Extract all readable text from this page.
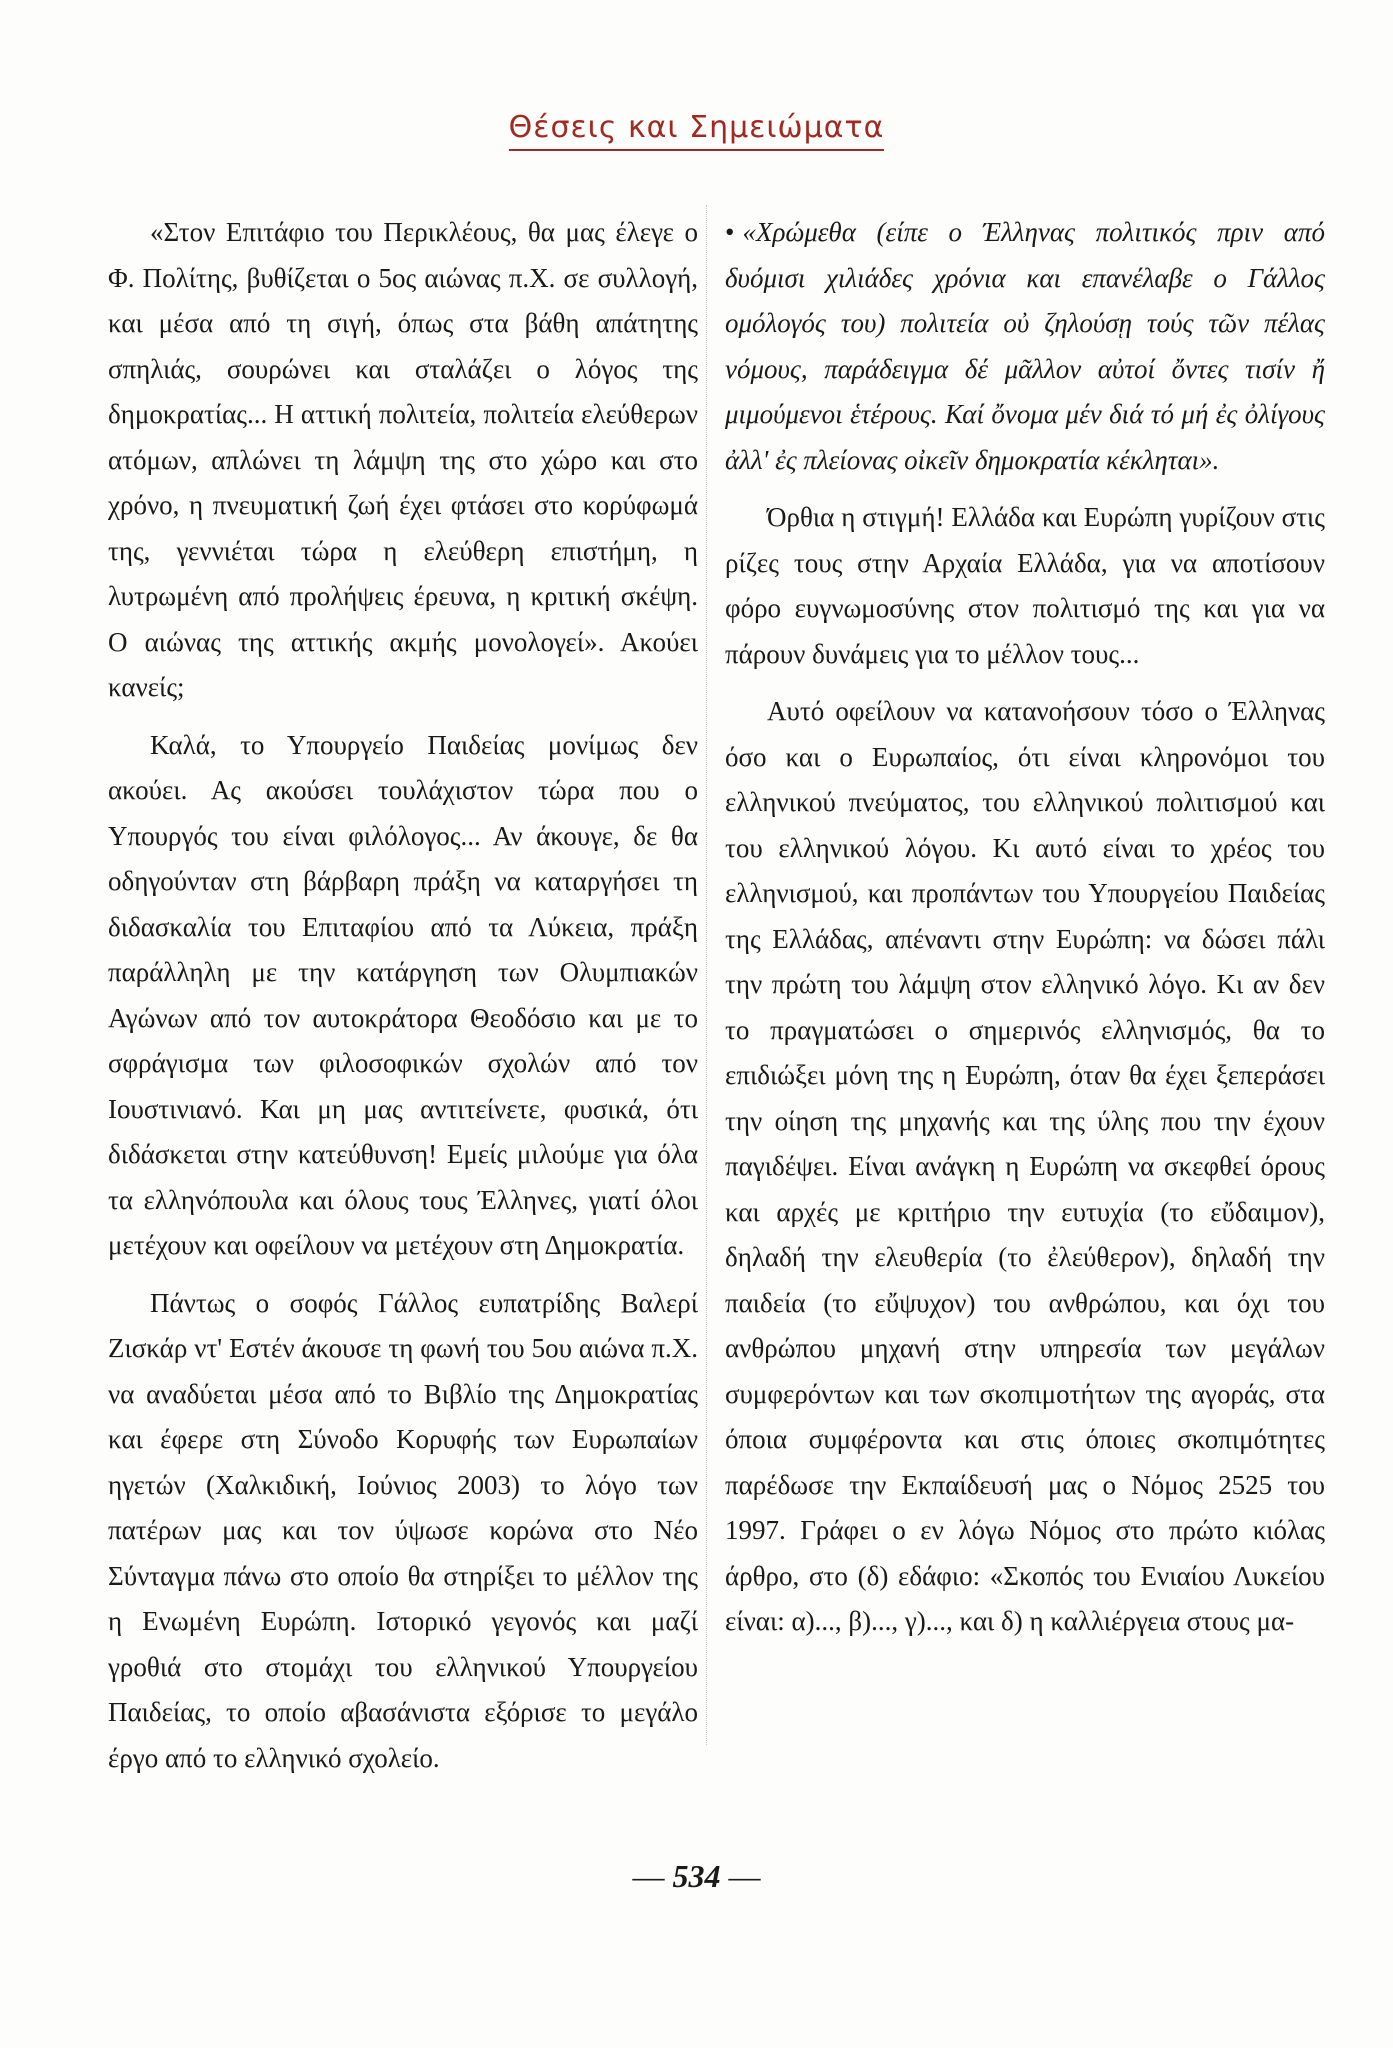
Θέσεις και Σημειώματα

«Στον Επιτάφιο του Περικλέους, θα μας έλεγε ο Φ. Πολίτης, βυθίζεται ο 5ος αιώνας π.Χ. σε συλλογή, και μέσα από τη σιγή, όπως στα βάθη απάτητης σπηλιάς, σουρώνει και σταλάζει ο λόγος της δημοκρατίας... Η αττική πολιτεία, πολιτεία ελεύθερων ατόμων, απλώνει τη λάμψη της στο χώρο και στο χρόνο, η πνευματική ζωή έχει φτάσει στο κορύφωμά της, γεννιέται τώρα η ελεύθερη επιστήμη, η λυτρωμένη από προλήψεις έρευνα, η κριτική σκέψη. Ο αιώνας της αττικής ακμής μονολογεί». Ακούει κανείς;

Καλά, το Υπουργείο Παιδείας μονίμως δεν ακούει. Ας ακούσει τουλάχιστον τώρα που ο Υπουργός του είναι φιλόλογος... Αν άκουγε, δε θα οδηγούνταν στη βάρβαρη πράξη να καταργήσει τη διδασκαλία του Επιταφίου από τα Λύκεια, πράξη παράλληλη με την κατάργηση των Ολυμπιακών Αγώνων από τον αυτοκράτορα Θεοδόσιο και με το σφράγισμα των φιλοσοφικών σχολών από τον Ιουστινιανό. Και μη μας αντιτείνετε, φυσικά, ότι διδάσκεται στην κατεύθυνση! Εμείς μιλούμε για όλα τα ελληνόπουλα και όλους τους Έλληνες, γιατί όλοι μετέχουν και οφείλουν να μετέχουν στη Δημοκρατία.

Πάντως ο σοφός Γάλλος ευπατρίδης Βαλερί Ζισκάρ ντ' Εστέν άκουσε τη φωνή του 5ου αιώνα π.Χ. να αναδύεται μέσα από το Βιβλίο της Δημοκρατίας και έφερε στη Σύνοδο Κορυφής των Ευρωπαίων ηγετών (Χαλκιδική, Ιούνιος 2003) το λόγο των πατέρων μας και τον ύψωσε κορώνα στο Νέο Σύνταγμα πάνω στο οποίο θα στηρίξει το μέλλον της η Ενωμένη Ευρώπη. Ιστορικό γεγονός και μαζί γροθιά στο στομάχι του ελληνικού Υπουργείου Παιδείας, το οποίο αβασάνιστα εξόρισε το μεγάλο έργο από το ελληνικό σχολείο.

• «Χρώμεθα (είπε ο Έλληνας πολιτικός πριν από δυόμισι χιλιάδες χρόνια και επανέλαβε ο Γάλλος ομόλογός του) πολιτεία οὐ ζηλούσῃ τούς τῶν πέλας νόμους, παράδειγμα δέ μᾶλλον αὐτοί ὄντες τισίν ἤ μιμούμενοι ἑτέρους. Καί ὄνομα μέν διά τό μή ἐς ὀλίγους ἀλλ' ἐς πλείονας οἰκεῖν δημοκρατία κέκληται».

Όρθια η στιγμή! Ελλάδα και Ευρώπη γυρίζουν στις ρίζες τους στην Αρχαία Ελλάδα, για να αποτίσουν φόρο ευγνωμοσύνης στον πολιτισμό της και για να πάρουν δυνάμεις για το μέλλον τους...

Αυτό οφείλουν να κατανοήσουν τόσο ο Έλληνας όσο και ο Ευρωπαίος, ότι είναι κληρονόμοι του ελληνικού πνεύματος, του ελληνικού πολιτισμού και του ελληνικού λόγου. Κι αυτό είναι το χρέος του ελληνισμού, και προπάντων του Υπουργείου Παιδείας της Ελλάδας, απέναντι στην Ευρώπη: να δώσει πάλι την πρώτη του λάμψη στον ελληνικό λόγο. Κι αν δεν το πραγματώσει ο σημερινός ελληνισμός, θα το επιδιώξει μόνη της η Ευρώπη, όταν θα έχει ξεπεράσει την οίηση της μηχανής και της ύλης που την έχουν παγιδέψει. Είναι ανάγκη η Ευρώπη να σκεφθεί όρους και αρχές με κριτήριο την ευτυχία (το εὔδαιμον), δηλαδή την ελευθερία (το ἐλεύθερον), δηλαδή την παιδεία (το εὔψυχον) του ανθρώπου, και όχι του ανθρώπου μηχανή στην υπηρεσία των μεγάλων συμφερόντων και των σκοπιμοτήτων της αγοράς, στα όποια συμφέροντα και στις όποιες σκοπιμότητες παρέδωσε την Εκπαίδευσή μας ο Νόμος 2525 του 1997. Γράφει ο εν λόγω Νόμος στο πρώτο κιόλας άρθρο, στο (δ) εδάφιο: «Σκοπός του Ενιαίου Λυκείου είναι: α)..., β)..., γ)..., και δ) η καλλιέργεια στους μα-

— 534 —
